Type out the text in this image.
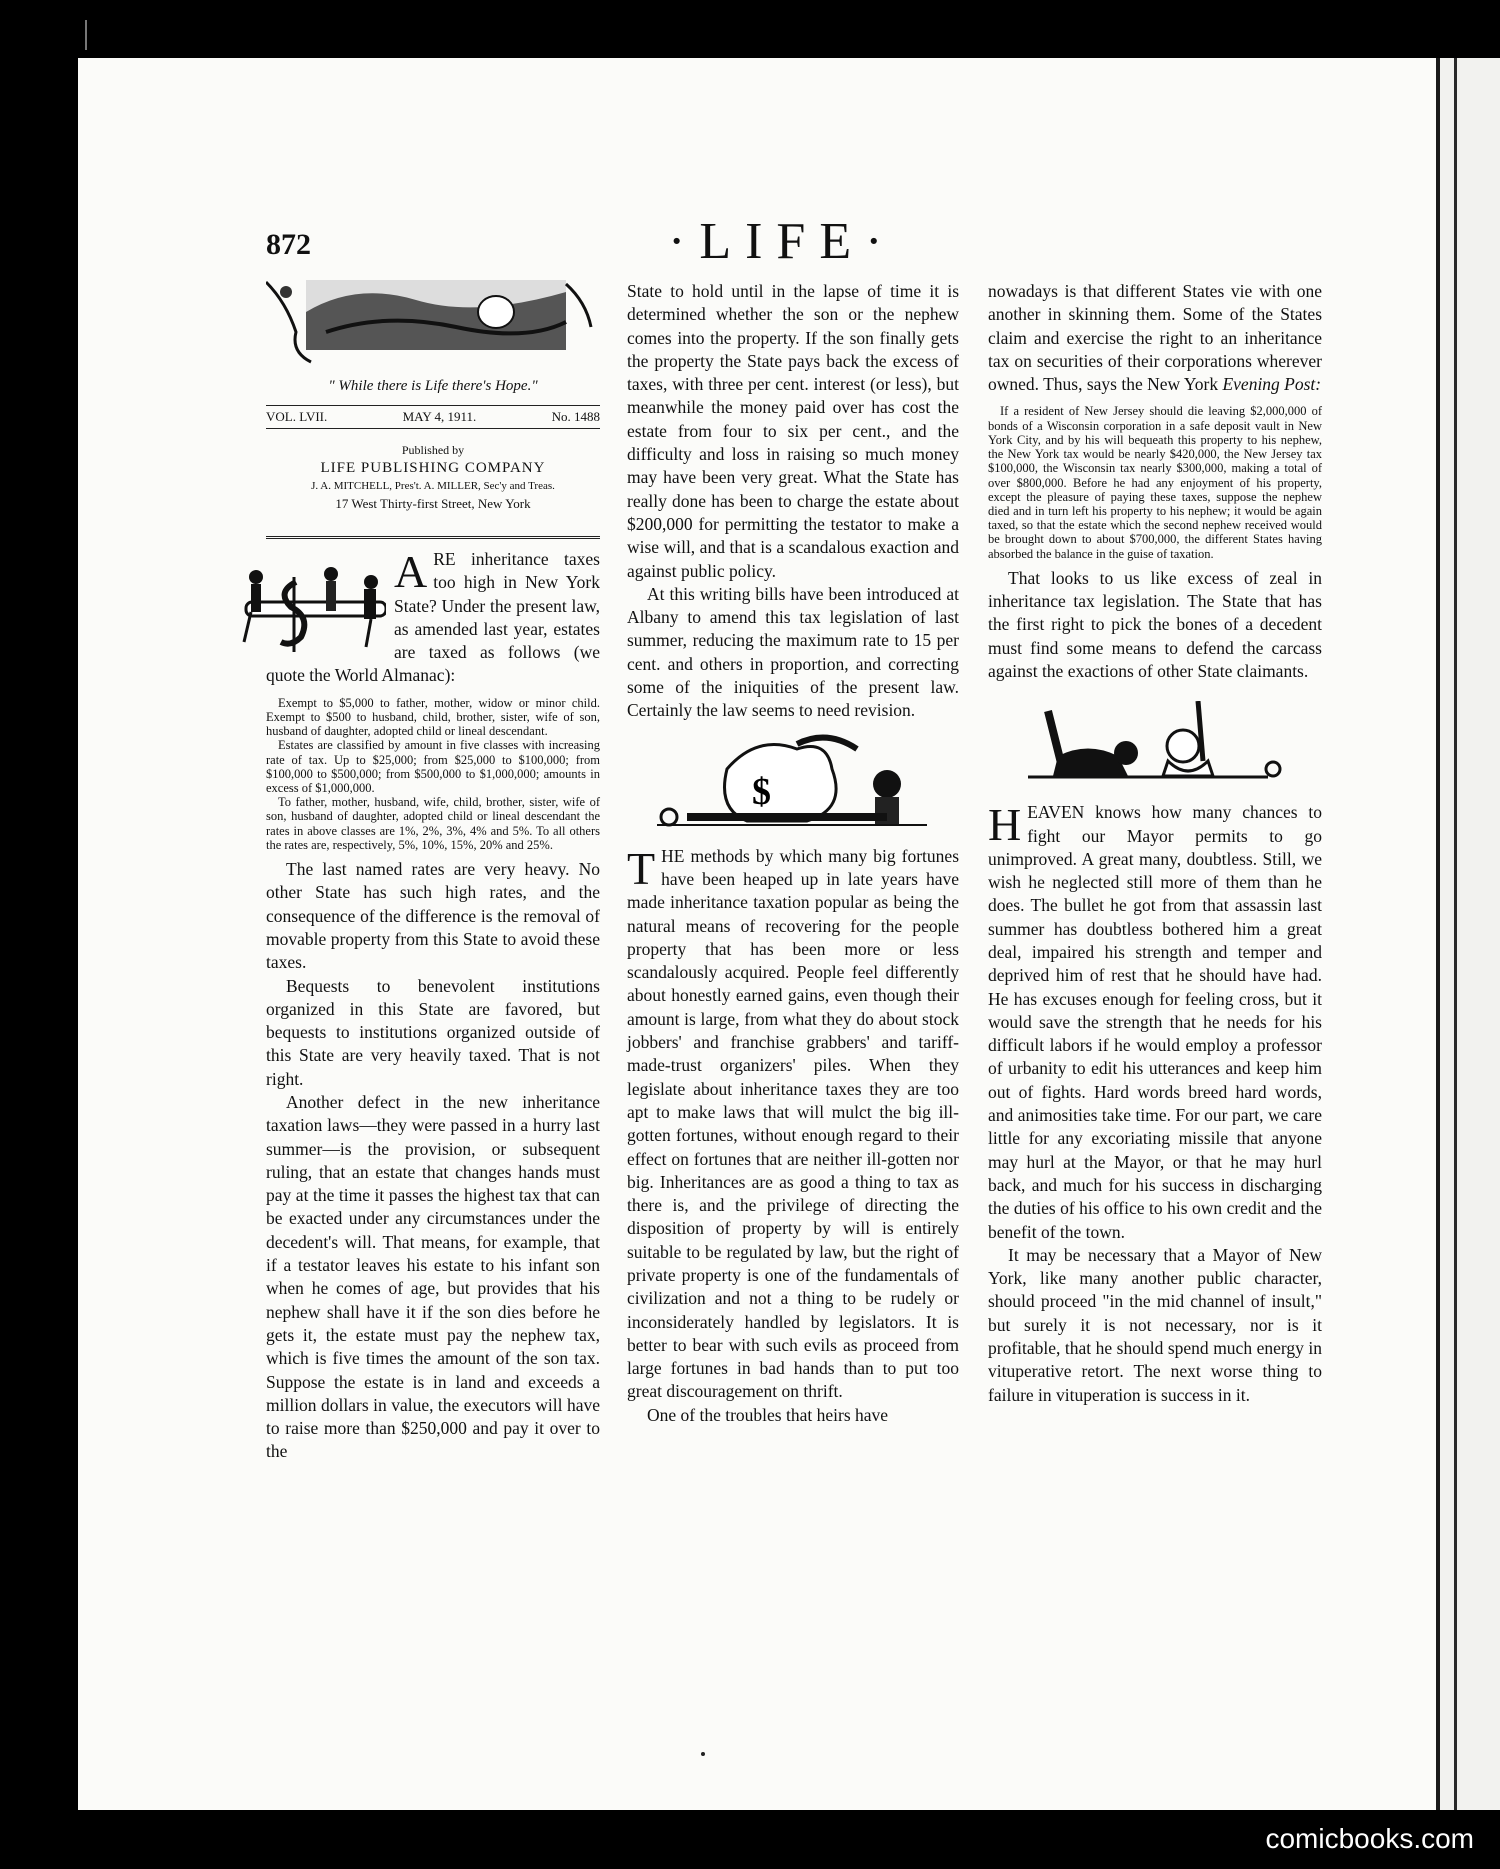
872	·LIFE·
" While there is Life there's Hope."
VOL. LVII.	MAY 4, 1911.	No. 1488
Published by
LIFE PUBLISHING COMPANY
J. A. MITCHELL, Pres't. A. MILLER, Sec'y and Treas.
17 West Thirty-first Street, New York

ARE inheritance taxes too high in New York State? Under the present law, as amended last year, estates are taxed as follows (we quote the World Almanac):

Exempt to $5,000 to father, mother, widow or minor child. Exempt to $500 to husband, child, brother, sister, wife of son, husband of daughter, adopted child or lineal descendant.

Estates are classified by amount in five classes with increasing rate of tax. Up to $25,000; from $25,000 to $100,000; from $100,000 to $500,000; from $500,000 to $1,000,000; amounts in excess of $1,000,000.

To father, mother, husband, wife, child, brother, sister, wife of son, husband of daughter, adopted child or lineal descendant the rates in above classes are 1%, 2%, 3%, 4% and 5%. To all others the rates are, respectively, 5%, 10%, 15%, 20% and 25%.

The last named rates are very heavy. No other State has such high rates, and the consequence of the difference is the removal of movable property from this State to avoid these taxes.

Bequests to benevolent institutions organized in this State are favored, but bequests to institutions organized outside of this State are very heavily taxed. That is not right.

Another defect in the new inheritance taxation laws—they were passed in a hurry last summer—is the provision, or subsequent ruling, that an estate that changes hands must pay at the time it passes the highest tax that can be exacted under any circumstances under the decedent's will. That means, for example, that if a testator leaves his estate to his infant son when he comes of age, but provides that his nephew shall have it if the son dies before he gets it, the estate must pay the nephew tax, which is five times the amount of the son tax. Suppose the estate is in land and exceeds a million dollars in value, the executors will have to raise more than $250,000 and pay it over to the

State to hold until in the lapse of time it is determined whether the son or the nephew comes into the property. If the son finally gets the property the State pays back the excess of taxes, with three per cent. interest (or less), but meanwhile the money paid over has cost the estate from four to six per cent., and the difficulty and loss in raising so much money may have been very great. What the State has really done has been to charge the estate about $200,000 for permitting the testator to make a wise will, and that is a scandalous exaction and against public policy.

At this writing bills have been introduced at Albany to amend this tax legislation of last summer, reducing the maximum rate to 15 per cent. and others in proportion, and correcting some of the iniquities of the present law. Certainly the law seems to need revision.

$

THE methods by which many big fortunes have been heaped up in late years have made inheritance taxation popular as being the natural means of recovering for the people property that has been more or less scandalously acquired. People feel differently about honestly earned gains, even though their amount is large, from what they do about stock jobbers' and franchise grabbers' and tariff-made-trust organizers' piles. When they legislate about inheritance taxes they are too apt to make laws that will mulct the big ill-gotten fortunes, without enough regard to their effect on fortunes that are neither ill-gotten nor big. Inheritances are as good a thing to tax as there is, and the privilege of directing the disposition of property by will is entirely suitable to be regulated by law, but the right of private property is one of the fundamentals of civilization and not a thing to be rudely or inconsiderately handled by legislators. It is better to bear with such evils as proceed from large fortunes in bad hands than to put too great discouragement on thrift.

One of the troubles that heirs have

nowadays is that different States vie with one another in skinning them. Some of the States claim and exercise the right to an inheritance tax on securities of their corporations wherever owned. Thus, says the New York Evening Post:

If a resident of New Jersey should die leaving $2,000,000 of bonds of a Wisconsin corporation in a safe deposit vault in New York City, and by his will bequeath this property to his nephew, the New York tax would be nearly $420,000, the New Jersey tax $100,000, the Wisconsin tax nearly $300,000, making a total of over $800,000. Before he had any enjoyment of his property, except the pleasure of paying these taxes, suppose the nephew died and in turn left his property to his nephew; it would be again taxed, so that the estate which the second nephew received would be brought down to about $700,000, the different States having absorbed the balance in the guise of taxation.

That looks to us like excess of zeal in inheritance tax legislation. The State that has the first right to pick the bones of a decedent must find some means to defend the carcass against the exactions of other State claimants.

HEAVEN knows how many chances to fight our Mayor permits to go unimproved. A great many, doubtless. Still, we wish he neglected still more of them than he does. The bullet he got from that assassin last summer has doubtless bothered him a great deal, impaired his strength and temper and deprived him of rest that he should have had. He has excuses enough for feeling cross, but it would save the strength that he needs for his difficult labors if he would employ a professor of urbanity to edit his utterances and keep him out of fights. Hard words breed hard words, and animosities take time. For our part, we care little for any excoriating missile that anyone may hurl at the Mayor, or that he may hurl back, and much for his success in discharging the duties of his office to his own credit and the benefit of the town.

It may be necessary that a Mayor of New York, like many another public character, should proceed "in the mid channel of insult," but surely it is not necessary, nor is it profitable, that he should spend much energy in vituperative retort. The next worse thing to failure in vituperation is success in it.

comicbooks.com
